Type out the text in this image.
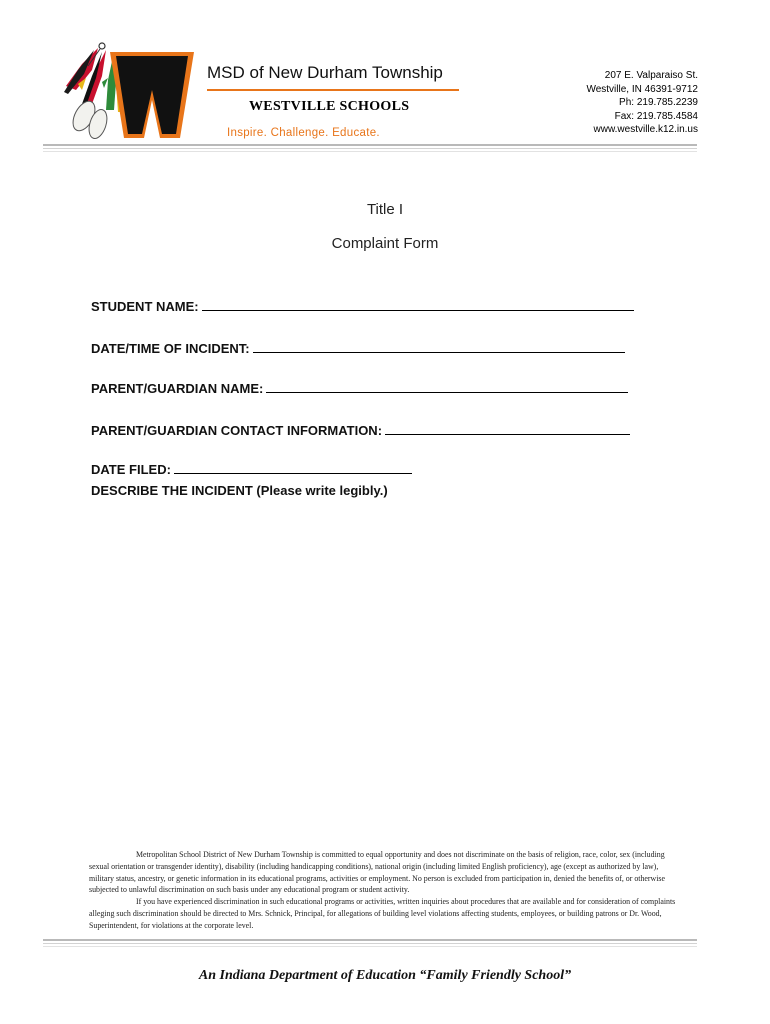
MSD of New Durham Township
WESTVILLE SCHOOLS
Inspire. Challenge. Educate.
207 E. Valparaiso St.
Westville, IN 46391-9712
Ph: 219.785.2239
Fax: 219.785.4584
www.westville.k12.in.us
Title I
Complaint Form
STUDENT NAME:
DATE/TIME OF INCIDENT:
PARENT/GUARDIAN NAME:
PARENT/GUARDIAN CONTACT INFORMATION:
DATE FILED:
DESCRIBE THE INCIDENT (Please write legibly.)
Metropolitan School District of New Durham Township is committed to equal opportunity and does not discriminate on the basis of religion, race, color, sex (including sexual orientation or transgender identity), disability (including handicapping conditions), national origin (including limited English proficiency), age (except as authorized by law), military status, ancestry, or genetic information in its educational programs, activities or employment. No person is excluded from participation in, denied the benefits of, or otherwise subjected to unlawful discrimination on such basis under any educational program or student activity.
If you have experienced discrimination in such educational programs or activities, written inquiries about procedures that are available and for consideration of complaints alleging such discrimination should be directed to Mrs. Schnick, Principal, for allegations of building level violations affecting students, employees, or building patrons or Dr. Wood, Superintendent, for violations at the corporate level.
An Indiana Department of Education “Family Friendly School”
